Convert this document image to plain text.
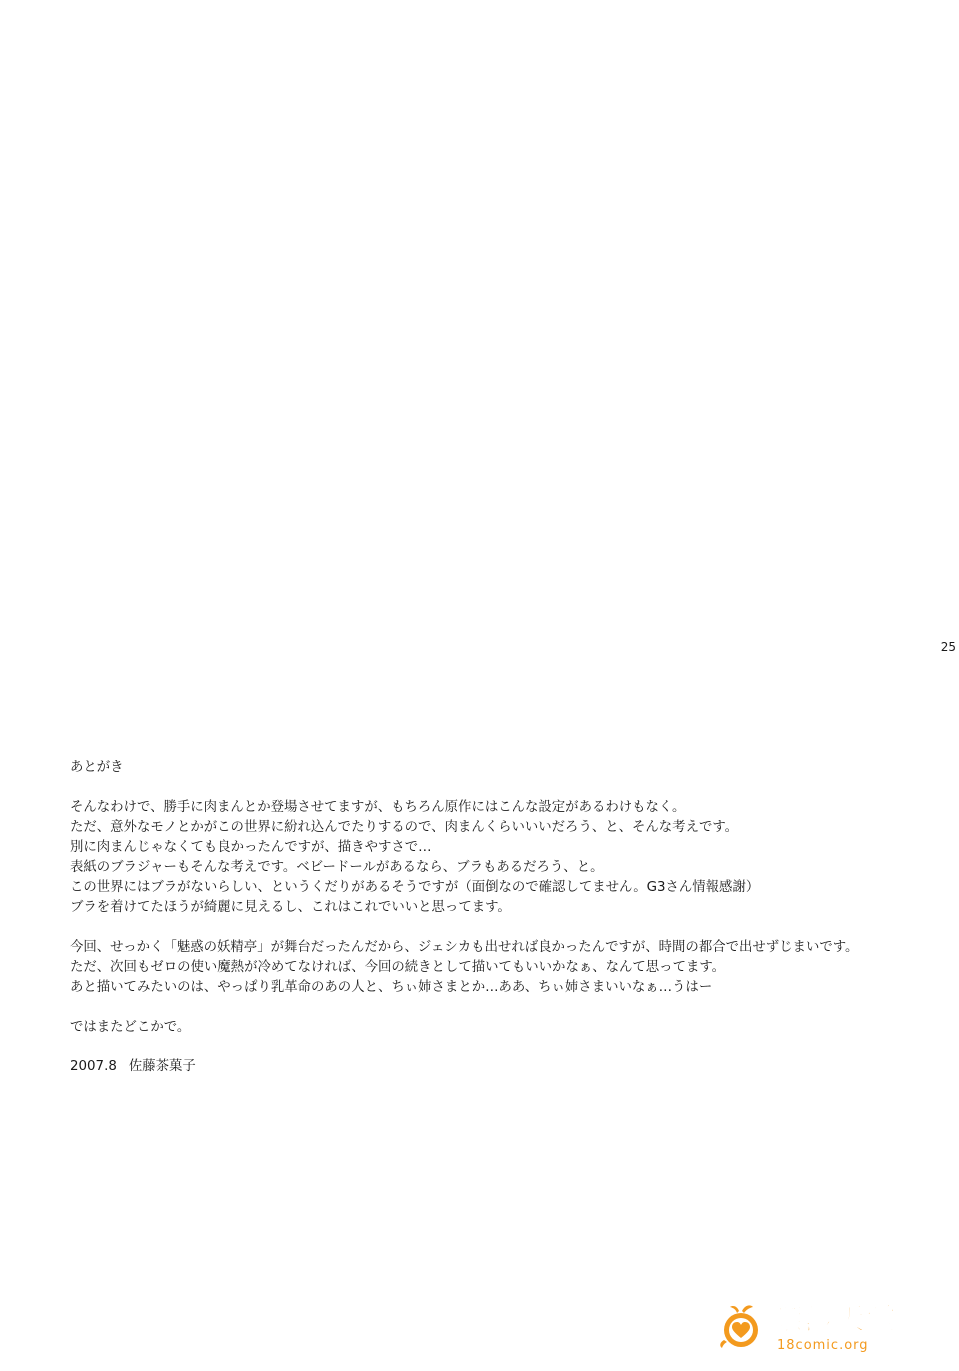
25
あとがき
そんなわけで、勝手に肉まんとか登場させてますが、もちろん原作にはこんな設定があるわけもなく。
ただ、意外なモノとかがこの世界に紛れ込んでたりするので、肉まんくらいいいだろう、と、そんな考えです。
別に肉まんじゃなくても良かったんですが、描きやすさで…
表紙のブラジャーもそんな考えです。ベビードールがあるなら、ブラもあるだろう、と。
この世界にはブラがないらしい、というくだりがあるそうですが（面倒なので確認してません。G3さん情報感謝）
ブラを着けてたほうが綺麗に見えるし、これはこれでいいと思ってます。
今回、せっかく「魅惑の妖精亭」が舞台だったんだから、ジェシカも出せれば良かったんですが、時間の都合で出せずじまいです。
ただ、次回もゼロの使い魔熱が冷めてなければ、今回の続きとして描いてもいいかなぁ、なんて思ってます。
あと描いてみたいのは、やっぱり乳革命のあの人と、ちぃ姉さまとか…ああ、ちぃ姉さまいいなぁ…うはー
ではまたどこかで。
2007.8 佐藤茶菓子
禁漫天堂
18comic.org
